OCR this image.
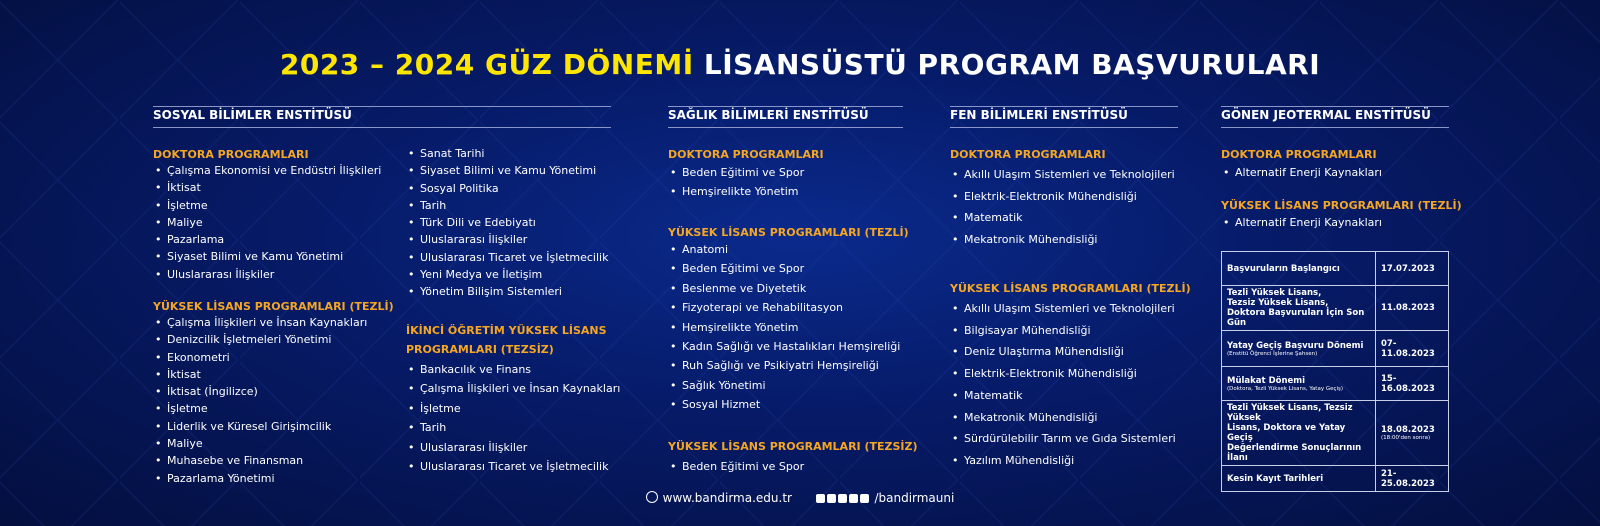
2023 – 2024 GÜZ DÖNEMİ LİSANSÜSTÜ PROGRAM BAŞVURULARI
SOSYAL BİLİMLER ENSTİTÜSÜ
DOKTORA PROGRAMLARI
• Çalışma Ekonomisi ve Endüstri İlişkileri
• İktisat
• İşletme
• Maliye
• Pazarlama
• Siyaset Bilimi ve Kamu Yönetimi
• Uluslararası İlişkiler
• Sanat Tarihi
• Siyaset Bilimi ve Kamu Yönetimi
• Sosyal Politika
• Tarih
• Türk Dili ve Edebiyatı
• Uluslararası İlişkiler
• Uluslararası Ticaret ve İşletmecilik
• Yeni Medya ve İletişim
• Yönetim Bilişim Sistemleri
YÜKSEK LİSANS PROGRAMLARI (TEZLİ)
• Çalışma İlişkileri ve İnsan Kaynakları
• Denizcilik İşletmeleri Yönetimi
• Ekonometri
• İktisat
• İktisat (İngilizce)
• İşletme
• Liderlik ve Küresel Girişimcilik
• Maliye
• Muhasebe ve Finansman
• Pazarlama Yönetimi
İKİNCİ ÖĞRETİM YÜKSEK LİSANS
PROGRAMLARI (TEZSİZ)
• Bankacılık ve Finans
• Çalışma İlişkileri ve İnsan Kaynakları
• İşletme
• Tarih
• Uluslararası İlişkiler
• Uluslararası Ticaret ve İşletmecilik
SAĞLIK BİLİMLERİ ENSTİTÜSÜ
DOKTORA PROGRAMLARI
• Beden Eğitimi ve Spor
• Hemşirelikte Yönetim
YÜKSEK LİSANS PROGRAMLARI (TEZLİ)
• Anatomi
• Beden Eğitimi ve Spor
• Beslenme ve Diyetetik
• Fizyoterapi ve Rehabilitasyon
• Hemşirelikte Yönetim
• Kadın Sağlığı ve Hastalıkları Hemşireliği
• Ruh Sağlığı ve Psikiyatri Hemşireliği
• Sağlık Yönetimi
• Sosyal Hizmet
YÜKSEK LİSANS PROGRAMLARI (TEZSİZ)
• Beden Eğitimi ve Spor
FEN BİLİMLERİ ENSTİTÜSÜ
DOKTORA PROGRAMLARI
• Akıllı Ulaşım Sistemleri ve Teknolojileri
• Elektrik-Elektronik Mühendisliği
• Matematik
• Mekatronik Mühendisliği
YÜKSEK LİSANS PROGRAMLARI (TEZLİ)
• Akıllı Ulaşım Sistemleri ve Teknolojileri
• Bilgisayar Mühendisliği
• Deniz Ulaştırma Mühendisliği
• Elektrik-Elektronik Mühendisliği
• Matematik
• Mekatronik Mühendisliği
• Sürdürülebilir Tarım ve Gıda Sistemleri
• Yazılım Mühendisliği
GÖNEN JEOTERMAL ENSTİTÜSÜ
DOKTORA PROGRAMLARI
• Alternatif Enerji Kaynakları
YÜKSEK LİSANS PROGRAMLARI (TEZLİ)
• Alternatif Enerji Kaynakları
Başvuruların Başlangıcı	17.07.2023
Tezli Yüksek Lisans,
Tezsiz Yüksek Lisans,
Doktora Başvuruları İçin Son Gün	11.08.2023
Yatay Geçiş Başvuru Dönemi
(Enstitü Öğrenci İşlerine Şahsen)	07-11.08.2023
Mülakat Dönemi
(Doktora, Tezli Yüksek Lisans, Yatay Geçiş)	15-16.08.2023
Tezli Yüksek Lisans, Tezsiz Yüksek
Lisans, Doktora ve Yatay Geçiş
Değerlendirme Sonuçlarının İlanı	18.08.2023
(18:00'den sonra)

Kesin Kayıt Tarihleri	21-25.08.2023
www.bandirma.edu.tr	/bandirmauni
